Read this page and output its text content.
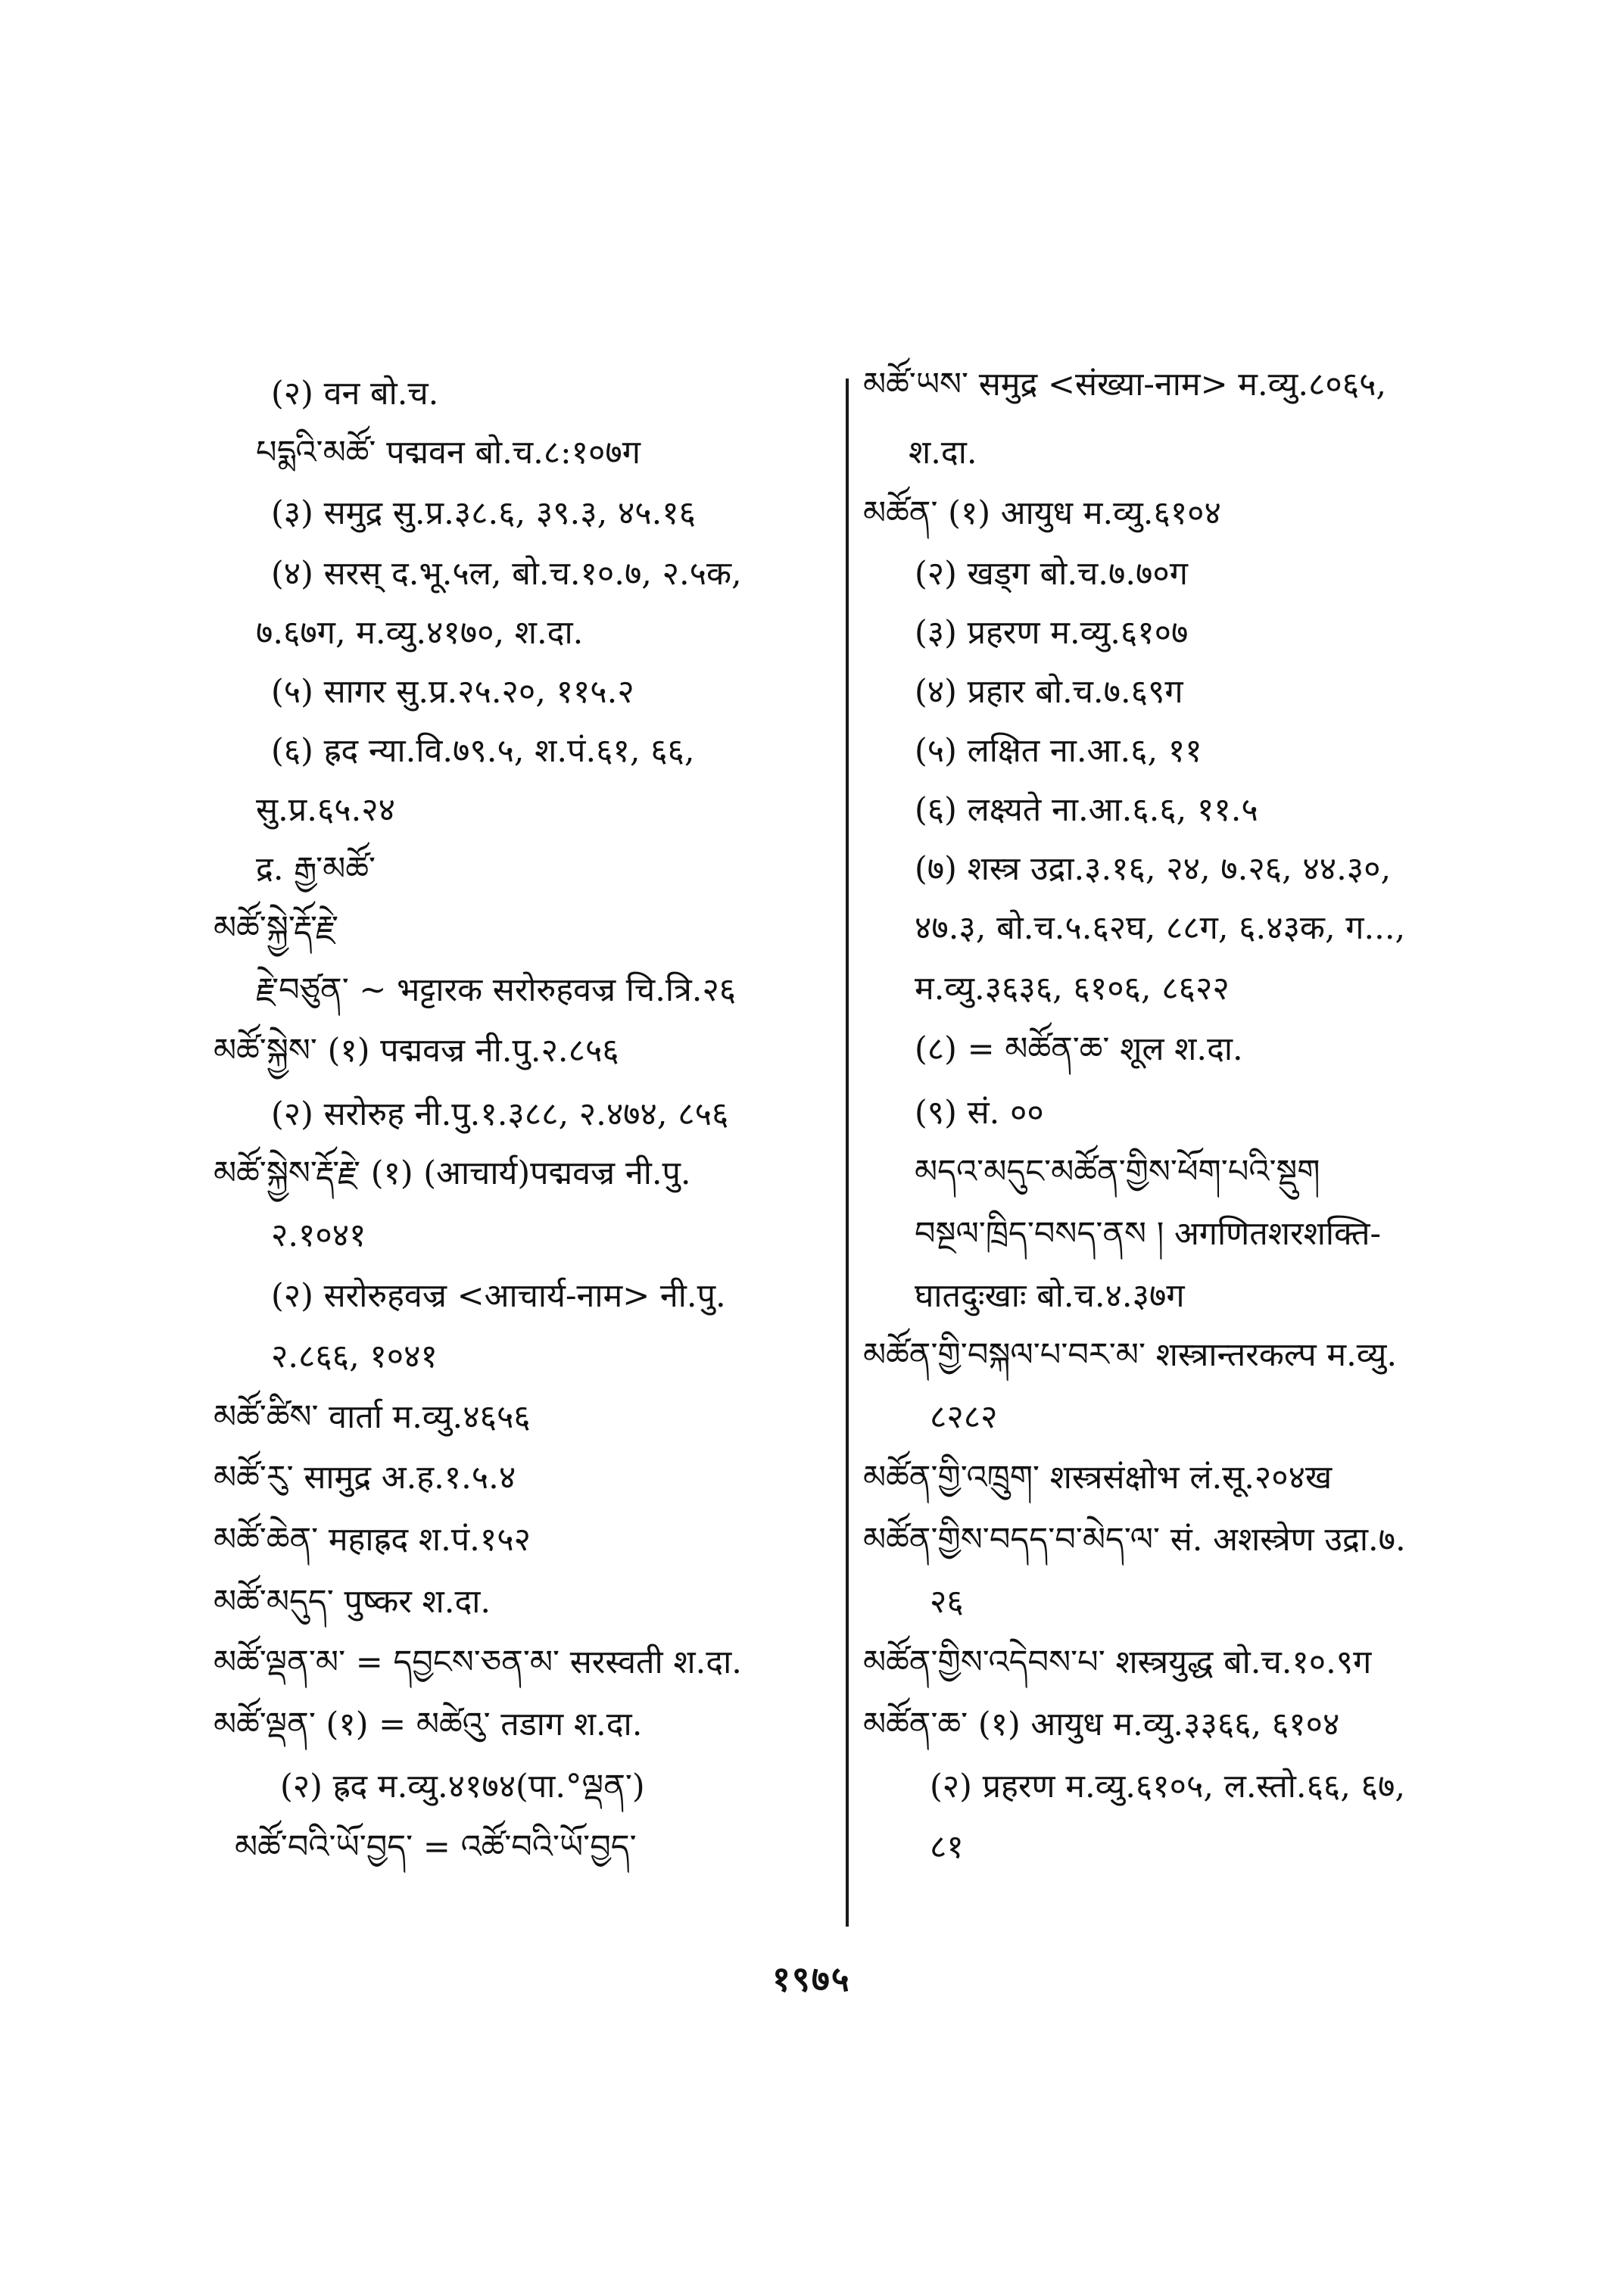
(२) वन बो.च.
པདྨའི་མཚོ་ पद्मवन बो.च.८:१०७ग
(३) समुद्र सु.प्र.३८.६, ३९.३, ४५.१६
(४) सरस् द.भू.५ल, बो.च.१०.७, २.५क,
७.६७ग, म.व्यु.४१७०, श.दा.
(५) सागर सु.प्र.२५.२०, ११५.२
(६) ह्रद न्या.वि.७९.५, श.पं.६१, ६६,
सु.प्र.६५.२४
द्र. རྒྱ་མཚོ་
མཚོ་སྐྱེ་རྡོ་རྗེ་
རྗེ་བཙུན་ ~ भट्टारक सरोरुहवज्र चि.त्रि.२६
མཚོ་སྐྱེས་ (१) पद्मवज्र नी.पु.२.८५६
(२) सरोरुह नी.पु.१.३८८, २.४७४, ८५६
མཚོ་སྐྱེས་རྡོ་རྗེ་ (१) (आचार्य)पद्मवज्र नी.पु.
२.१०४१
(२) सरोरुहवज्र <आचार्य-नाम> नी.पु.
२.८६६, १०४१
མཚོ་ཚིས་ वार्ता म.व्यु.४६५६
མཚོ་རུ་ सामुद्र अ.ह.१.५.४
མཚོ་ཆེན་ महाह्रद श.पं.१५२
མཚོ་མདུད་ पुष्कर श.दा.
མཚོ་ལྡན་མ་ = དབྱངས་ཅན་མ་ सरस्वती श.दा.
མཚོ་ལྡན་ (१) = མཚེའུ་ तडाग श.दा.
(२) ह्रद म.व्यु.४१७४(पा.°ལྡན་)
མཚོ་བའི་ཡོ་བྱད་ = འཚོ་བའི་ཡོ་བྱད་
མཚོ་ཡས་ समुद्र <संख्या-नाम> म.व्यु.८०६५,
श.दा.
མཚོན་ (१) आयुध म.व्यु.६१०४
(२) खड्ग बो.च.७.७०ग
(३) प्रहरण म.व्यु.६१०७
(४) प्रहार बो.च.७.६९ग
(५) लक्षित ना.आ.६, ११
(६) लक्ष्यते ना.आ.६.६, ११.५
(७) शस्त्र उद्रा.३.१६, २४, ७.२६, ४४.३०,
४७.३, बो.च.५.६२घ, ८८ग, ६.४३क, ग...,
म.व्यु.३६३६, ६१०६, ८६२२
(८) = མཚོན་ཆ་ शूल श.दा.
(९) सं. ००
མདའ་མདུང་མཚོན་གྱིས་ཕོག་པའི་སྡུག
བསྔལ་ཁྲིད་བསད་ནས ། अगणितशरशक्ति-
घातदुःखाः बो.च.४.३७ग
མཚོན་གྱི་བསྐལ་པ་བར་མ་ शस्त्रान्तरकल्प म.व्यु.
८२८२
མཚོན་གྱི་འཁྲུག་ शस्त्रसंक्षोभ लं.सू.२०४ख
མཚོན་གྱིས་བདད་བ་མེད་ལ་ सं. अशस्त्रेण उद्रा.७.
२६
མཚོན་གྱིས་འདེབས་པ་ शस्त्रयुद्ध बो.च.१०.९ग
མཚོན་ཆ་ (१) आयुध म.व्यु.३३६६, ६१०४
(२) प्रहरण म.व्यु.६१०५, ल.स्तो.६६, ६७,
८१
१९७५
